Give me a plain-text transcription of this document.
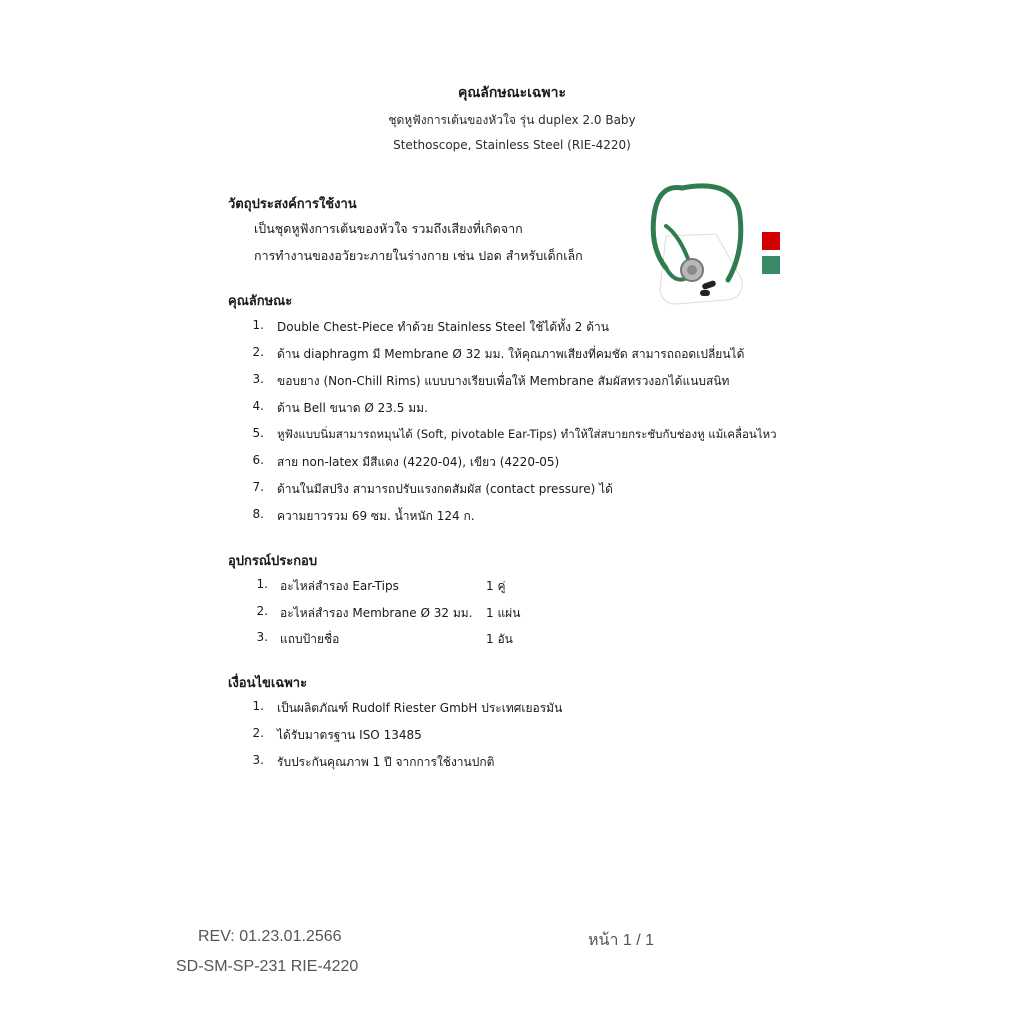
คุณลักษณะเฉพาะ
ชุดหูฟังการเต้นของหัวใจ รุ่น duplex 2.0 Baby
Stethoscope, Stainless Steel (RIE-4220)
วัตถุประสงค์การใช้งาน
เป็นชุดหูฟังการเต้นของหัวใจ รวมถึงเสียงที่เกิดจาก
การทำงานของอวัยวะภายในร่างกาย เช่น ปอด สำหรับเด็กเล็ก
คุณลักษณะ
1. Double Chest-Piece ทำด้วย Stainless Steel ใช้ได้ทั้ง 2 ด้าน
2. ด้าน diaphragm มี Membrane Ø 32 มม. ให้คุณภาพเสียงที่คมชัด สามารถถอดเปลี่ยนได้
3. ขอบยาง (Non-Chill Rims) แบบบางเรียบเพื่อให้ Membrane สัมผัสทรวงอกได้แนบสนิท
4. ด้าน Bell ขนาด Ø 23.5 มม.
5. หูฟังแบบนิ่มสามารถหมุนได้ (Soft, pivotable Ear-Tips) ทำให้ใส่สบายกระชับกับช่องหู แม้เคลื่อนไหว
6. สาย non-latex มีสีแดง (4220-04), เขียว (4220-05)
7. ด้านในมีสปริง สามารถปรับแรงกดสัมผัส (contact pressure) ได้
8. ความยาวรวม 69 ซม. น้ำหนัก 124 ก.
อุปกรณ์ประกอบ
1. อะไหล่สำรอง Ear-Tips	1 คู่
2. อะไหล่สำรอง Membrane Ø 32 มม. 1 แผ่น
3. แถบป้ายชื่อ	1 อัน
เงื่อนไขเฉพาะ
1. เป็นผลิตภัณฑ์ Rudolf Riester GmbH ประเทศเยอรมัน
2. ได้รับมาตรฐาน ISO 13485
3. รับประกันคุณภาพ 1 ปี จากการใช้งานปกติ
REV: 01.23.01.2566	หน้า 1 / 1
SD-SM-SP-231 RIE-4220
